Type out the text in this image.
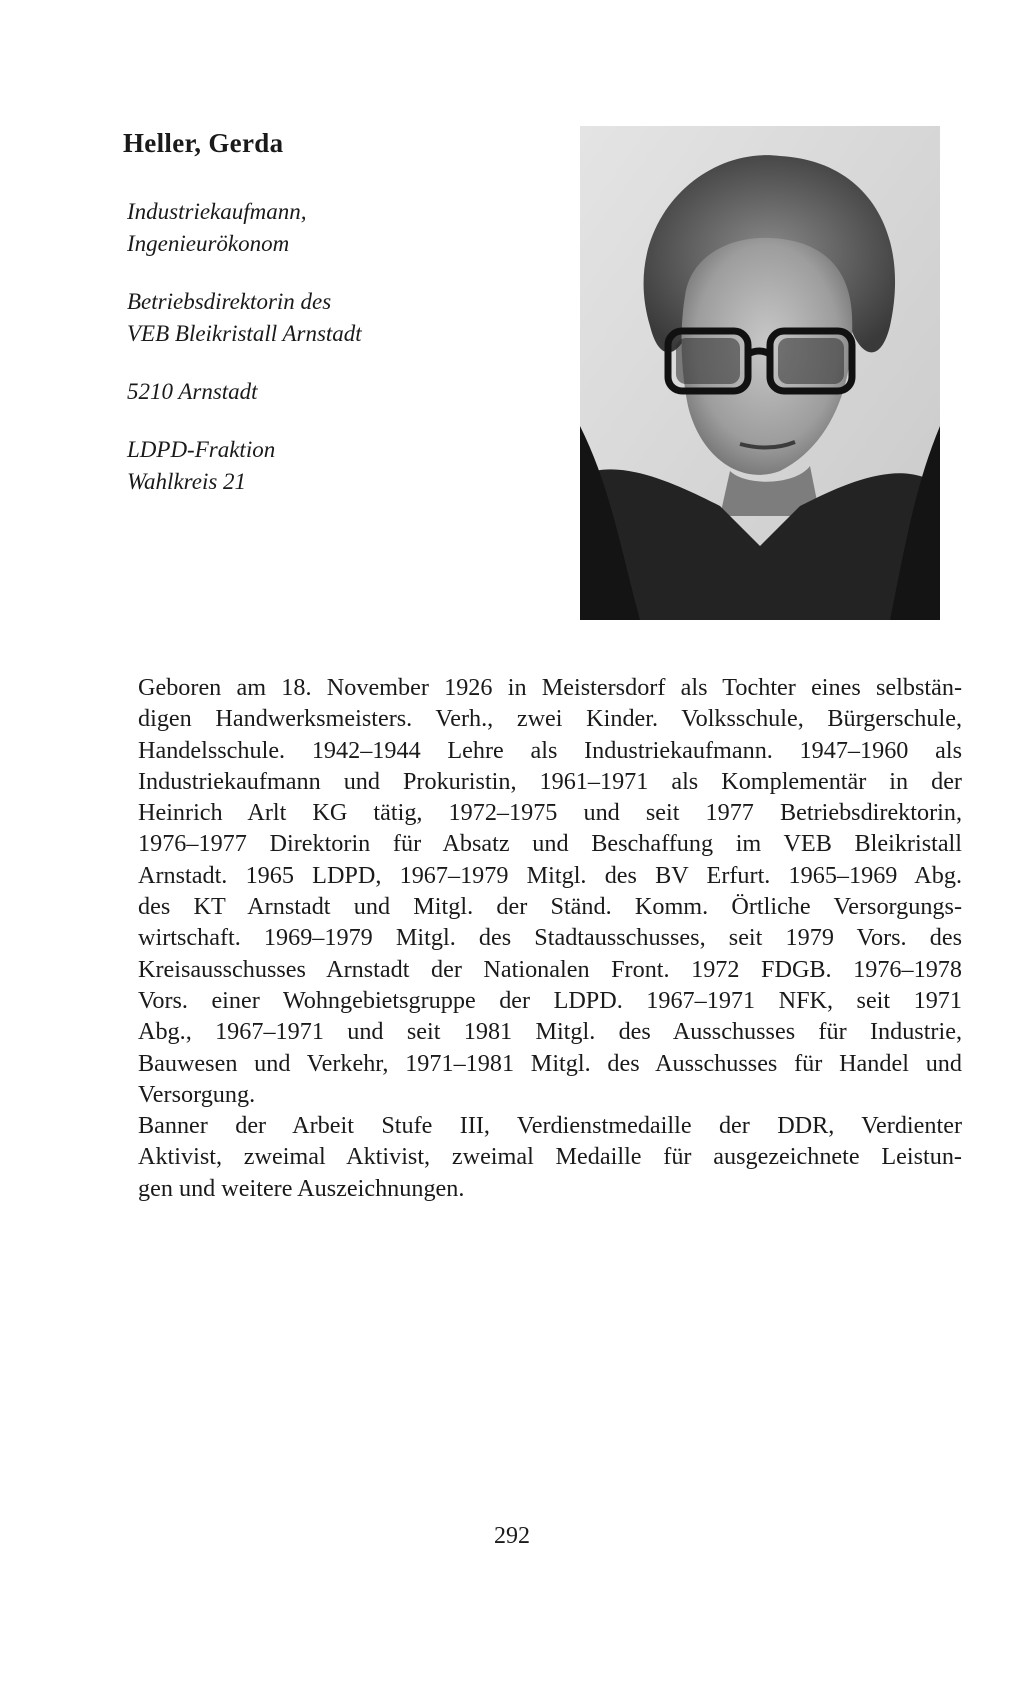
Heller, Gerda
Industriekaufmann,
Ingenieurökonom
Betriebsdirektorin des
VEB Bleikristall Arnstadt
5210 Arnstadt
LDPD-Fraktion
Wahlkreis 21
Geboren am 18. November 1926 in Meistersdorf als Tochter eines selbstän-
digen Handwerksmeisters. Verh., zwei Kinder. Volksschule, Bürgerschule,
Handelsschule. 1942–1944 Lehre als Industriekaufmann. 1947–1960 als
Industriekaufmann und Prokuristin, 1961–1971 als Komplementär in der
Heinrich Arlt KG tätig, 1972–1975 und seit 1977 Betriebsdirektorin,
1976–1977 Direktorin für Absatz und Beschaffung im VEB Bleikristall
Arnstadt. 1965 LDPD, 1967–1979 Mitgl. des BV Erfurt. 1965–1969 Abg.
des KT Arnstadt und Mitgl. der Ständ. Komm. Örtliche Versorgungs-
wirtschaft. 1969–1979 Mitgl. des Stadtausschusses, seit 1979 Vors. des
Kreisausschusses Arnstadt der Nationalen Front. 1972 FDGB. 1976–1978
Vors. einer Wohngebietsgruppe der LDPD. 1967–1971 NFK, seit 1971
Abg., 1967–1971 und seit 1981 Mitgl. des Ausschusses für Industrie,
Bauwesen und Verkehr, 1971–1981 Mitgl. des Ausschusses für Handel und
Versorgung.
Banner der Arbeit Stufe III, Verdienstmedaille der DDR, Verdienter
Aktivist, zweimal Aktivist, zweimal Medaille für ausgezeichnete Leistun-
gen und weitere Auszeichnungen.
292
